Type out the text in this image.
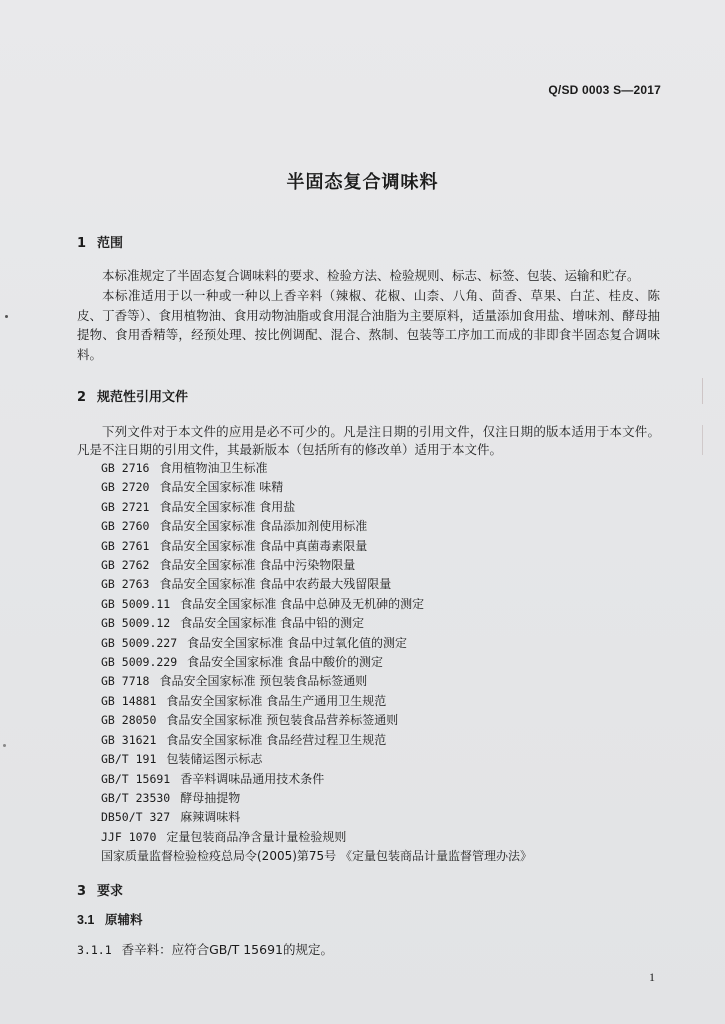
Q/SD 0003 S—2017
半固态复合调味料
1 范围

本标准规定了半固态复合调味料的要求、检验方法、检验规则、标志、标签、包装、运输和贮存。

本标准适用于以一种或一种以上香辛料（辣椒、花椒、山柰、八角、茴香、草果、白芷、桂皮、陈皮、丁香等）、食用植物油、食用动物油脂或食用混合油脂为主要原料，适量添加食用盐、增味剂、酵母抽提物、食用香精等，经预处理、按比例调配、混合、熬制、包装等工序加工而成的非即食半固态复合调味料。

2 规范性引用文件

下列文件对于本文件的应用是必不可少的。凡是注日期的引用文件，仅注日期的版本适用于本文件。凡是不注日期的引用文件，其最新版本（包括所有的修改单）适用于本文件。

GB 2716 食用植物油卫生标准
GB 2720 食品安全国家标准 味精
GB 2721 食品安全国家标准 食用盐
GB 2760 食品安全国家标准 食品添加剂使用标准
GB 2761 食品安全国家标准 食品中真菌毒素限量
GB 2762 食品安全国家标准 食品中污染物限量
GB 2763 食品安全国家标准 食品中农药最大残留限量
GB 5009.11 食品安全国家标准 食品中总砷及无机砷的测定
GB 5009.12 食品安全国家标准 食品中铅的测定
GB 5009.227 食品安全国家标准 食品中过氧化值的测定
GB 5009.229 食品安全国家标准 食品中酸价的测定
GB 7718 食品安全国家标准 预包装食品标签通则
GB 14881 食品安全国家标准 食品生产通用卫生规范
GB 28050 食品安全国家标准 预包装食品营养标签通则
GB 31621 食品安全国家标准 食品经营过程卫生规范
GB/T 191 包装储运图示标志
GB/T 15691 香辛料调味品通用技术条件
GB/T 23530 酵母抽提物
DB50/T 327 麻辣调味料
JJF 1070 定量包装商品净含量计量检验规则
国家质量监督检验检疫总局令(2005)第75号 《定量包装商品计量监督管理办法》
3 要求
3.1 原辅料
3.1.1 香辛料：应符合GB/T 15691的规定。
1
